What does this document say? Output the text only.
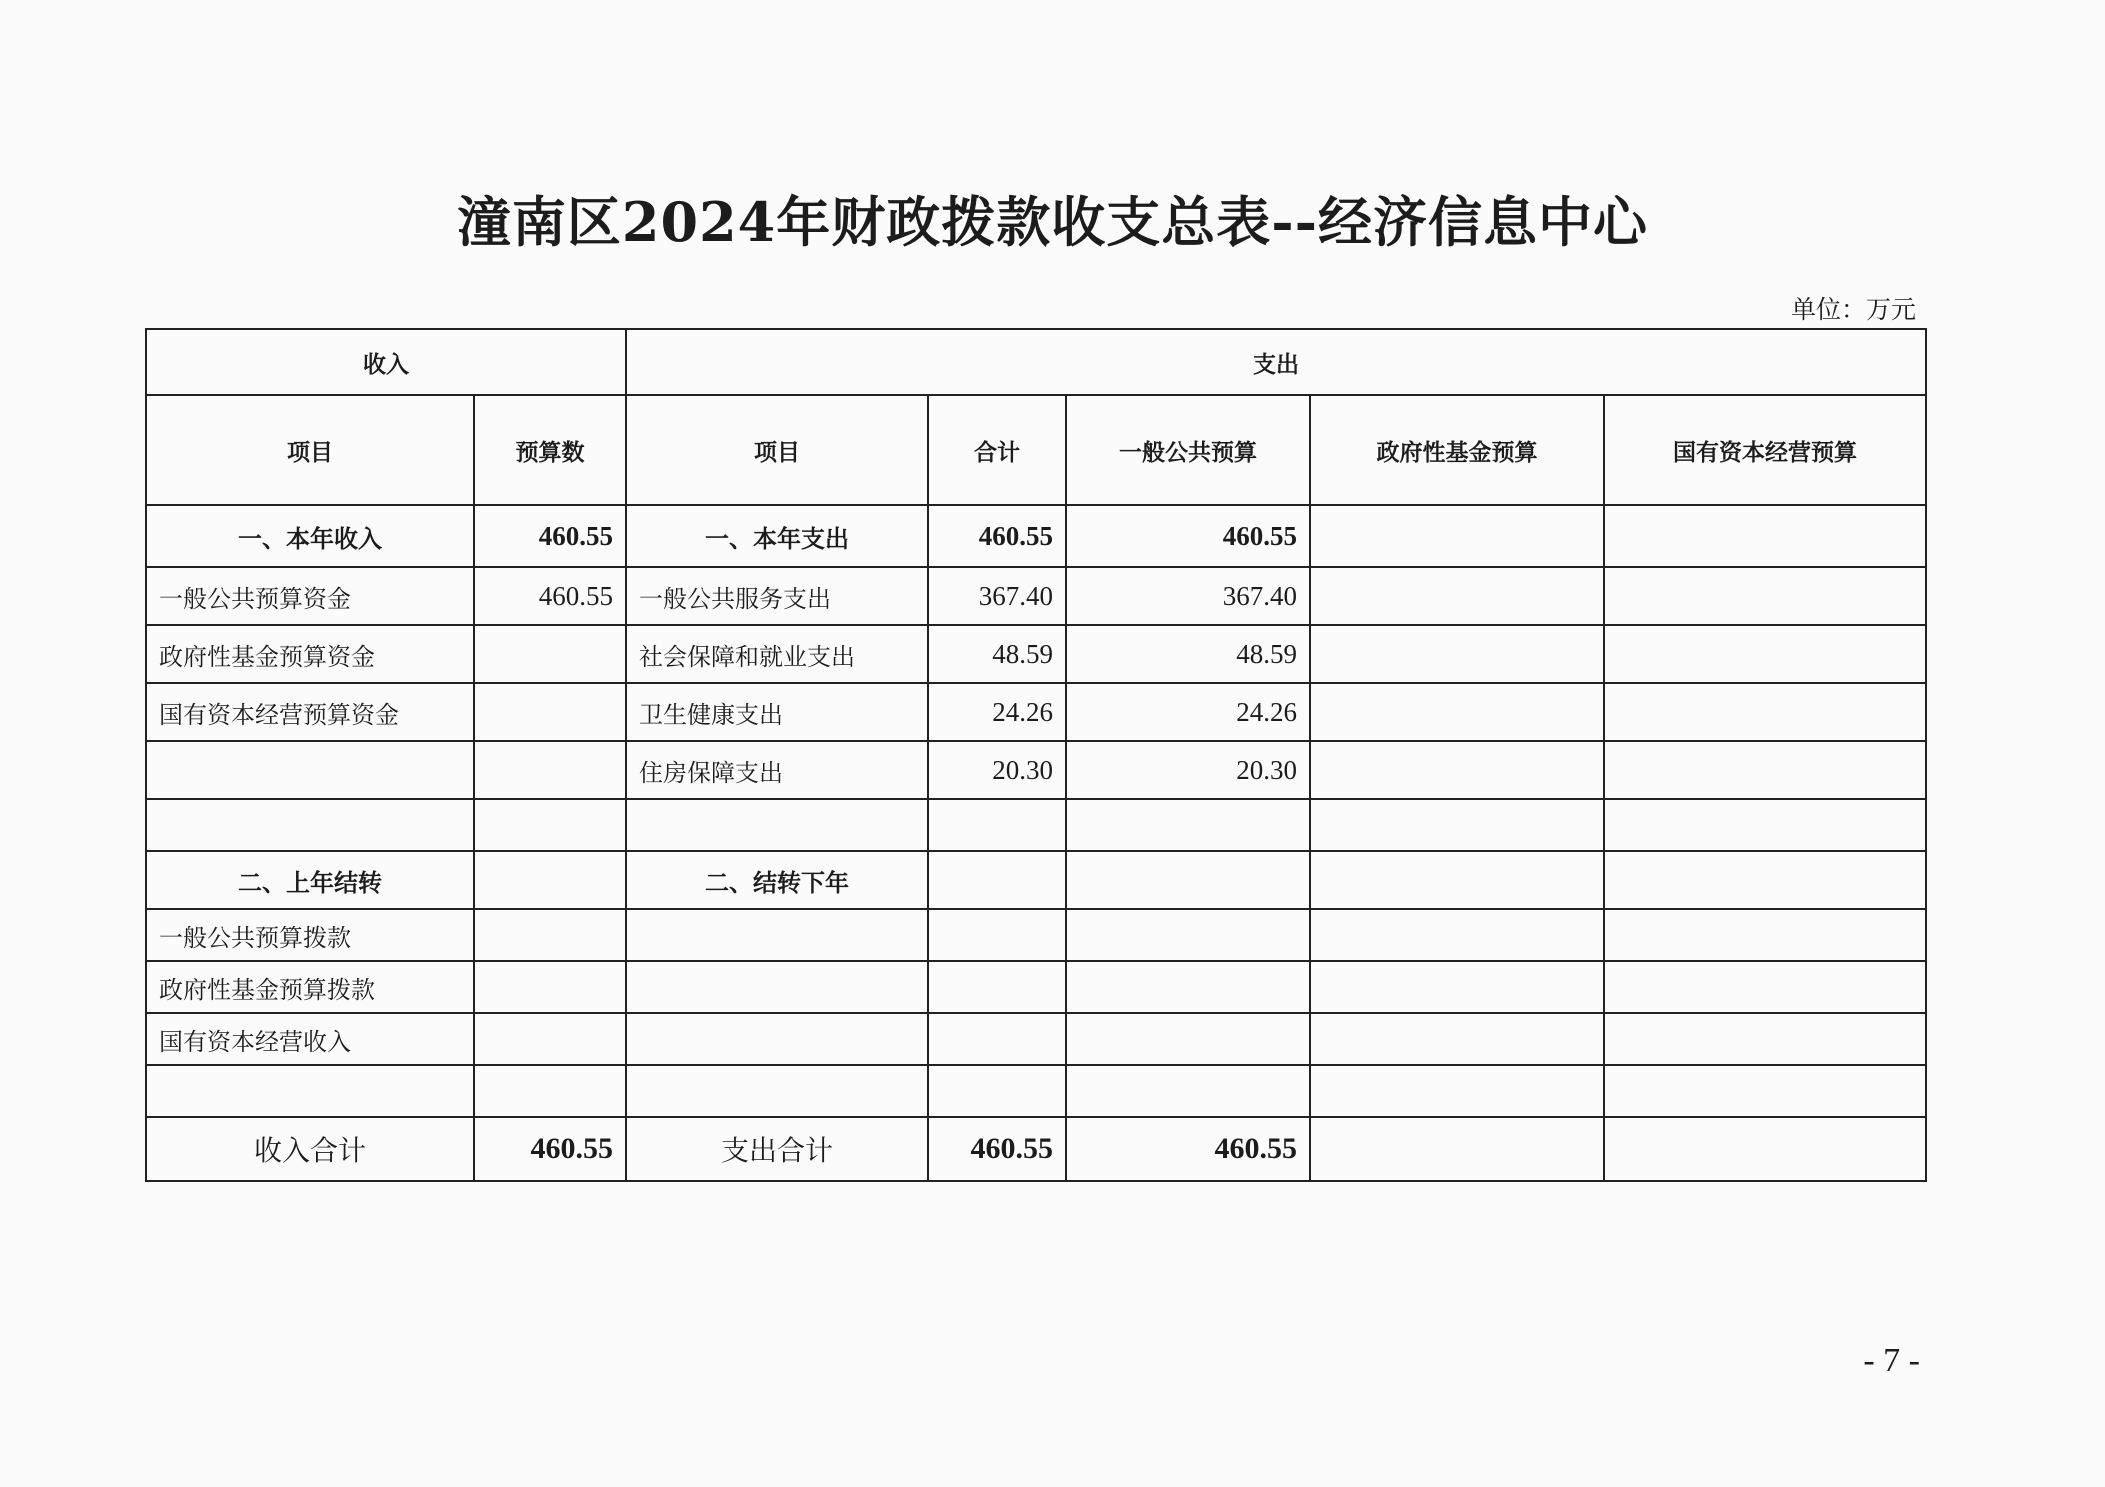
潼南区2024年财政拨款收支总表--经济信息中心
单位：万元
收入		支出				
项目	预算数	项目	合计	一般公共预算	政府性基金预算	国有资本经营预算
一、本年收入	460.55	一、本年支出	460.55	460.55		
一般公共预算资金	460.55	一般公共服务支出	367.40	367.40		
政府性基金预算资金		社会保障和就业支出	48.59	48.59		
国有资本经营预算资金		卫生健康支出	24.26	24.26		
		住房保障支出	20.30	20.30		

二、上年结转		二、结转下年				
一般公共预算拨款						
政府性基金预算拨款						
国有资本经营收入						

收入合计	460.55	支出合计	460.55	460.55		
- 7 -
